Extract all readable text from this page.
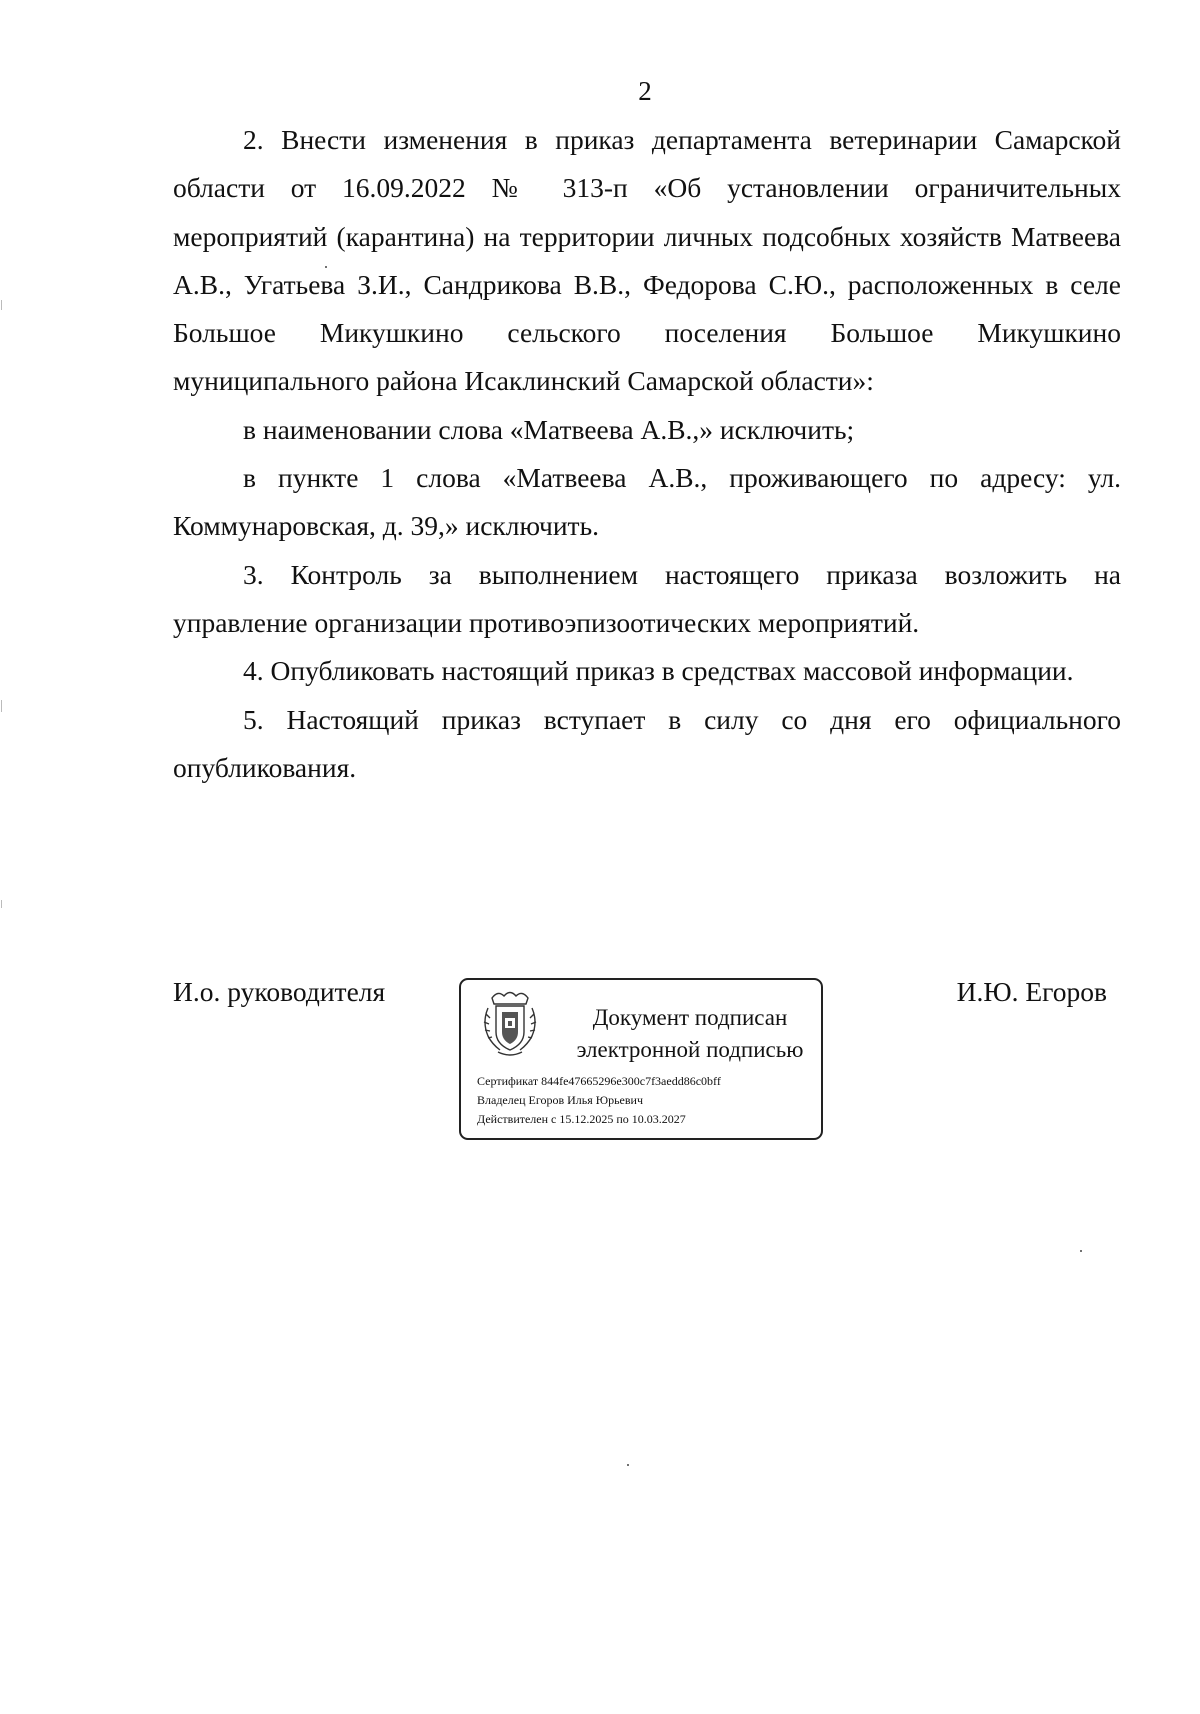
2

2. Внести изменения в приказ департамента ветеринарии Самарской области от 16.09.2022 № 313-п «Об установлении ограничительных мероприятий (карантина) на территории личных подсобных хозяйств Матвеева А.В., Угатьева З.И., Сандрикова В.В., Федорова С.Ю., расположенных в селе Большое Микушкино сельского поселения Большое Микушкино муниципального района Исаклинский Самарской области»:

в наименовании слова «Матвеева А.В.,» исключить;

в пункте 1 слова «Матвеева А.В., проживающего по адресу: ул. Коммунаровская, д. 39,» исключить.

3. Контроль за выполнением настоящего приказа возложить на управление организации противоэпизоотических мероприятий.

4. Опубликовать настоящий приказ в средствах массовой информации.

5. Настоящий приказ вступает в силу со дня его официального опубликования.

И.о. руководителя
Документ подписан
электронной подписью
Сертификат 844fe47665296e300c7f3aedd86c0bff
Владелец Егоров Илья Юрьевич
Действителен с 15.12.2025 по 10.03.2027
И.Ю. Егоров
